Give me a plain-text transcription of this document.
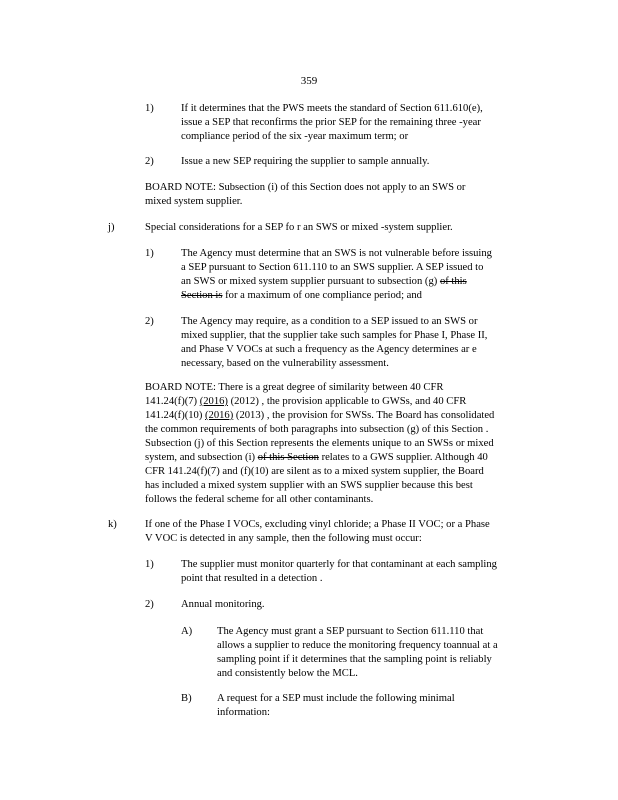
359
1)	If it determines that the PWS meets the standard of Section 611.610(e),
issue a SEP that reconfirms the prior SEP for the remaining three -year
compliance period of the six -year maximum term; or
2)	Issue a new SEP requiring the supplier to sample annually.
BOARD NOTE: Subsection (i) of this Section does not apply to an SWS or
mixed system supplier.
j)	Special considerations for a SEP fo r an SWS or mixed -system supplier.
1)	The Agency must determine that an SWS is not vulnerable before issuing
a SEP pursuant to Section 611.110 to an SWS supplier. A SEP issued to
an SWS or mixed system supplier pursuant to subsection (g) of this
Section is for a maximum of one compliance period; and
2)	The Agency may require, as a condition to a SEP issued to an SWS or
mixed supplier, that the supplier take such samples for Phase I, Phase II,
and Phase V VOCs at such a frequency as the Agency determines ar e
necessary, based on the vulnerability assessment.
BOARD NOTE: There is a great degree of similarity between 40 CFR
141.24(f)(7) (2016) (2012) , the provision applicable to GWSs, and 40 CFR
141.24(f)(10) (2016) (2013) , the provision for SWSs. The Board has consolidated
the common requirements of both paragraphs into subsection (g) of this Section .
Subsection (j) of this Section represents the elements unique to an SWSs or mixed
system, and subsection (i) of this Section relates to a GWS supplier. Although 40
CFR 141.24(f)(7) and (f)(10) are silent as to a mixed system supplier, the Board
has included a mixed system supplier with an SWS supplier because this best
follows the federal scheme for all other contaminants.
k)	If one of the Phase I VOCs, excluding vinyl chloride; a Phase II VOC; or a Phase
V VOC is detected in any sample, then the following must occur:
1)	The supplier must monitor quarterly for that contaminant at each sampling
point that resulted in a detection .
2)	Annual monitoring.
A) The Agency must grant a SEP pursuant to Section 611.110 that
allows a supplier to reduce the monitoring frequency toannual at a
sampling point if it determines that the sampling point is reliably
and consistently below the MCL.
B) A request for a SEP must include the following minimal
information:
